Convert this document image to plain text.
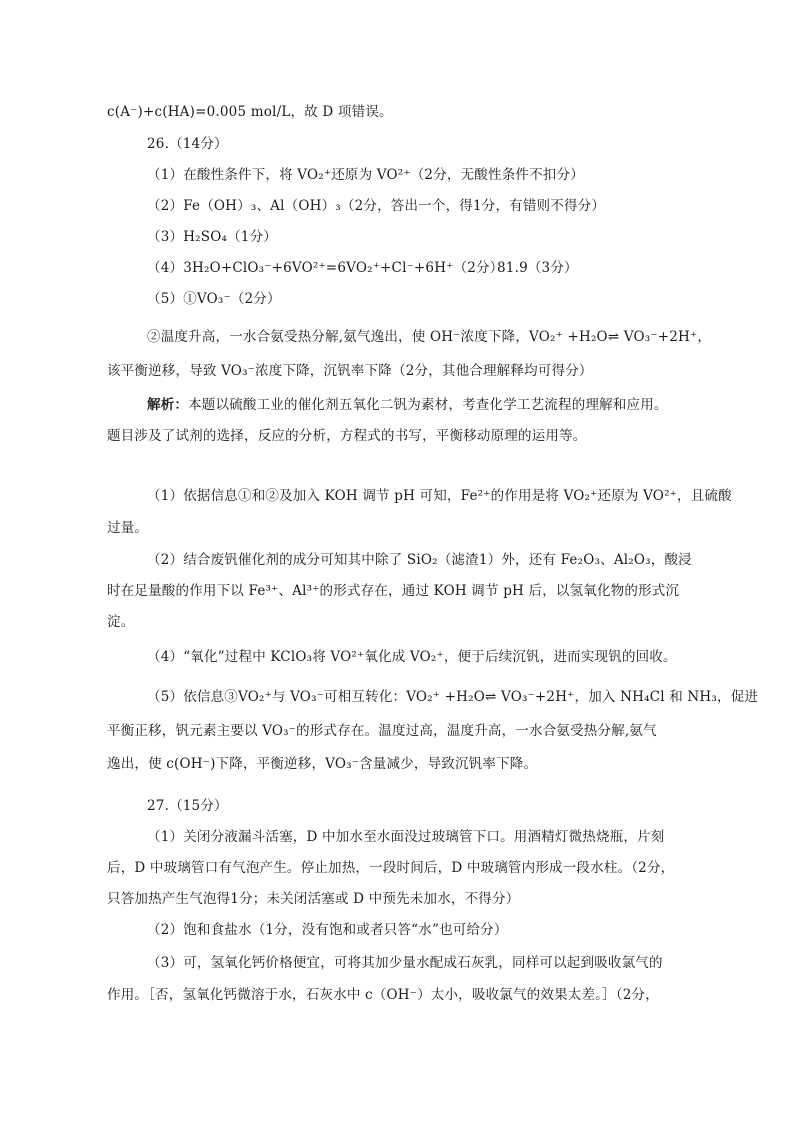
c(A⁻)+c(HA)=0.005 mol/L，故 D 项错误。
26.（14分）
（1）在酸性条件下，将 VO₂⁺还原为 VO²⁺（2分，无酸性条件不扣分）
（2）Fe（OH）₃、Al（OH）₃（2分，答出一个，得1分，有错则不得分）
（3）H₂SO₄（1分）
（4）3H₂O+ClO₃⁻+6VO²⁺=6VO₂⁺+Cl⁻+6H⁺（2分）
81.9（3分）
（5）①VO₃⁻（2分）
②温度升高，一水合氨受热分解,氨气逸出，使 OH⁻浓度下降，VO₂⁺ +H₂O⇌ VO₃⁻+2H⁺，
该平衡逆移，导致 VO₃⁻浓度下降，沉钒率下降（2分，其他合理解释均可得分）
解析：本题以硫酸工业的催化剂五氧化二钒为素材，考查化学工艺流程的理解和应用。
题目涉及了试剂的选择，反应的分析，方程式的书写，平衡移动原理的运用等。
（1）依据信息①和②及加入 KOH 调节 pH 可知，Fe²⁺的作用是将 VO₂⁺还原为 VO²⁺，且硫酸
过量。
（2）结合废钒催化剂的成分可知其中除了 SiO₂（滤渣1）外，还有 Fe₂O₃、Al₂O₃，酸浸
时在足量酸的作用下以 Fe³⁺、Al³⁺的形式存在，通过 KOH 调节 pH 后，以氢氧化物的形式沉
淀。
（4）“氧化”过程中 KClO₃将 VO²⁺氧化成 VO₂⁺，便于后续沉钒，进而实现钒的回收。
（5）依信息③VO₂⁺与 VO₃⁻可相互转化：VO₂⁺ +H₂O⇌ VO₃⁻+2H⁺，加入 NH₄Cl 和 NH₃，促进
平衡正移，钒元素主要以 VO₃⁻的形式存在。温度过高，温度升高，一水合氨受热分解,氨气
逸出，使 c(OH⁻)下降，平衡逆移，VO₃⁻含量减少，导致沉钒率下降。
27.（15分）
（1）关闭分液漏斗活塞，D 中加水至水面没过玻璃管下口。用酒精灯微热烧瓶，片刻
后，D 中玻璃管口有气泡产生。停止加热，一段时间后，D 中玻璃管内形成一段水柱。（2分，
只答加热产生气泡得1分；未关闭活塞或 D 中预先未加水，不得分）
（2）饱和食盐水（1分，没有饱和或者只答“水”也可给分）
（3）可，氢氧化钙价格便宜，可将其加少量水配成石灰乳，同样可以起到吸收氯气的
作用。［否，氢氧化钙微溶于水，石灰水中 c（OH⁻）太小，吸收氯气的效果太差。］（2分，
